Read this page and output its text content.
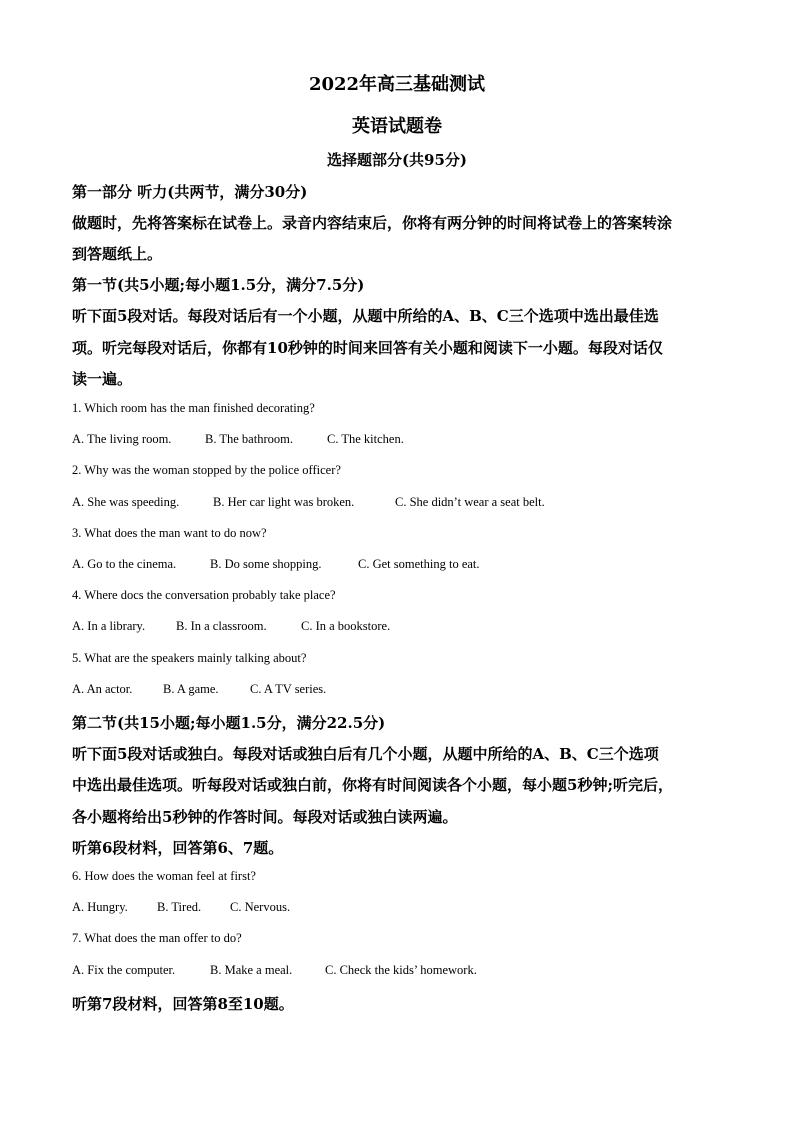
2022年高三基础测试
英语试题卷
选择题部分(共95分)
第一部分 听力(共两节，满分30分)
做题时，先将答案标在试卷上。录音内容结束后，你将有两分钟的时间将试卷上的答案转涂
到答题纸上。
第一节(共5小题;每小题1.5分，满分7.5分)
听下面5段对话。每段对话后有一个小题，从题中所给的A、B、C三个选项中选出最佳选
项。听完每段对话后，你都有10秒钟的时间来回答有关小题和阅读下一小题。每段对话仅
读一遍。
1. Which room has the man finished decorating?
A. The living room.	B. The bathroom.	C. The kitchen.
2. Why was the woman stopped by the police officer?
A. She was speeding.	B. Her car light was broken.	C. She didn’t wear a seat belt.
3. What does the man want to do now?
A. Go to the cinema.	B. Do some shopping.	C. Get something to eat.
4. Where docs the conversation probably take place?
A. In a library. B. In a classroom.	C. In a bookstore.
5. What are the speakers mainly talking about?
A. An actor. B. A game.	C. A TV series.
第二节(共15小题;每小题1.5分，满分22.5分)
听下面5段对话或独白。每段对话或独白后有几个小题，从题中所给的A、B、C三个选项
中选出最佳选项。听每段对话或独白前，你将有时间阅读各个小题，每小题5秒钟;听完后，
各小题将给出5秒钟的作答时间。每段对话或独白读两遍。
听第6段材料，回答第6、7题。
6. How does the woman feel at first?
A. Hungry. B. Tired. C. Nervous.
7. What does the man offer to do?
A. Fix the computer.	B. Make a meal.	C. Check the kids’ homework.
听第7段材料，回答第8至10题。
